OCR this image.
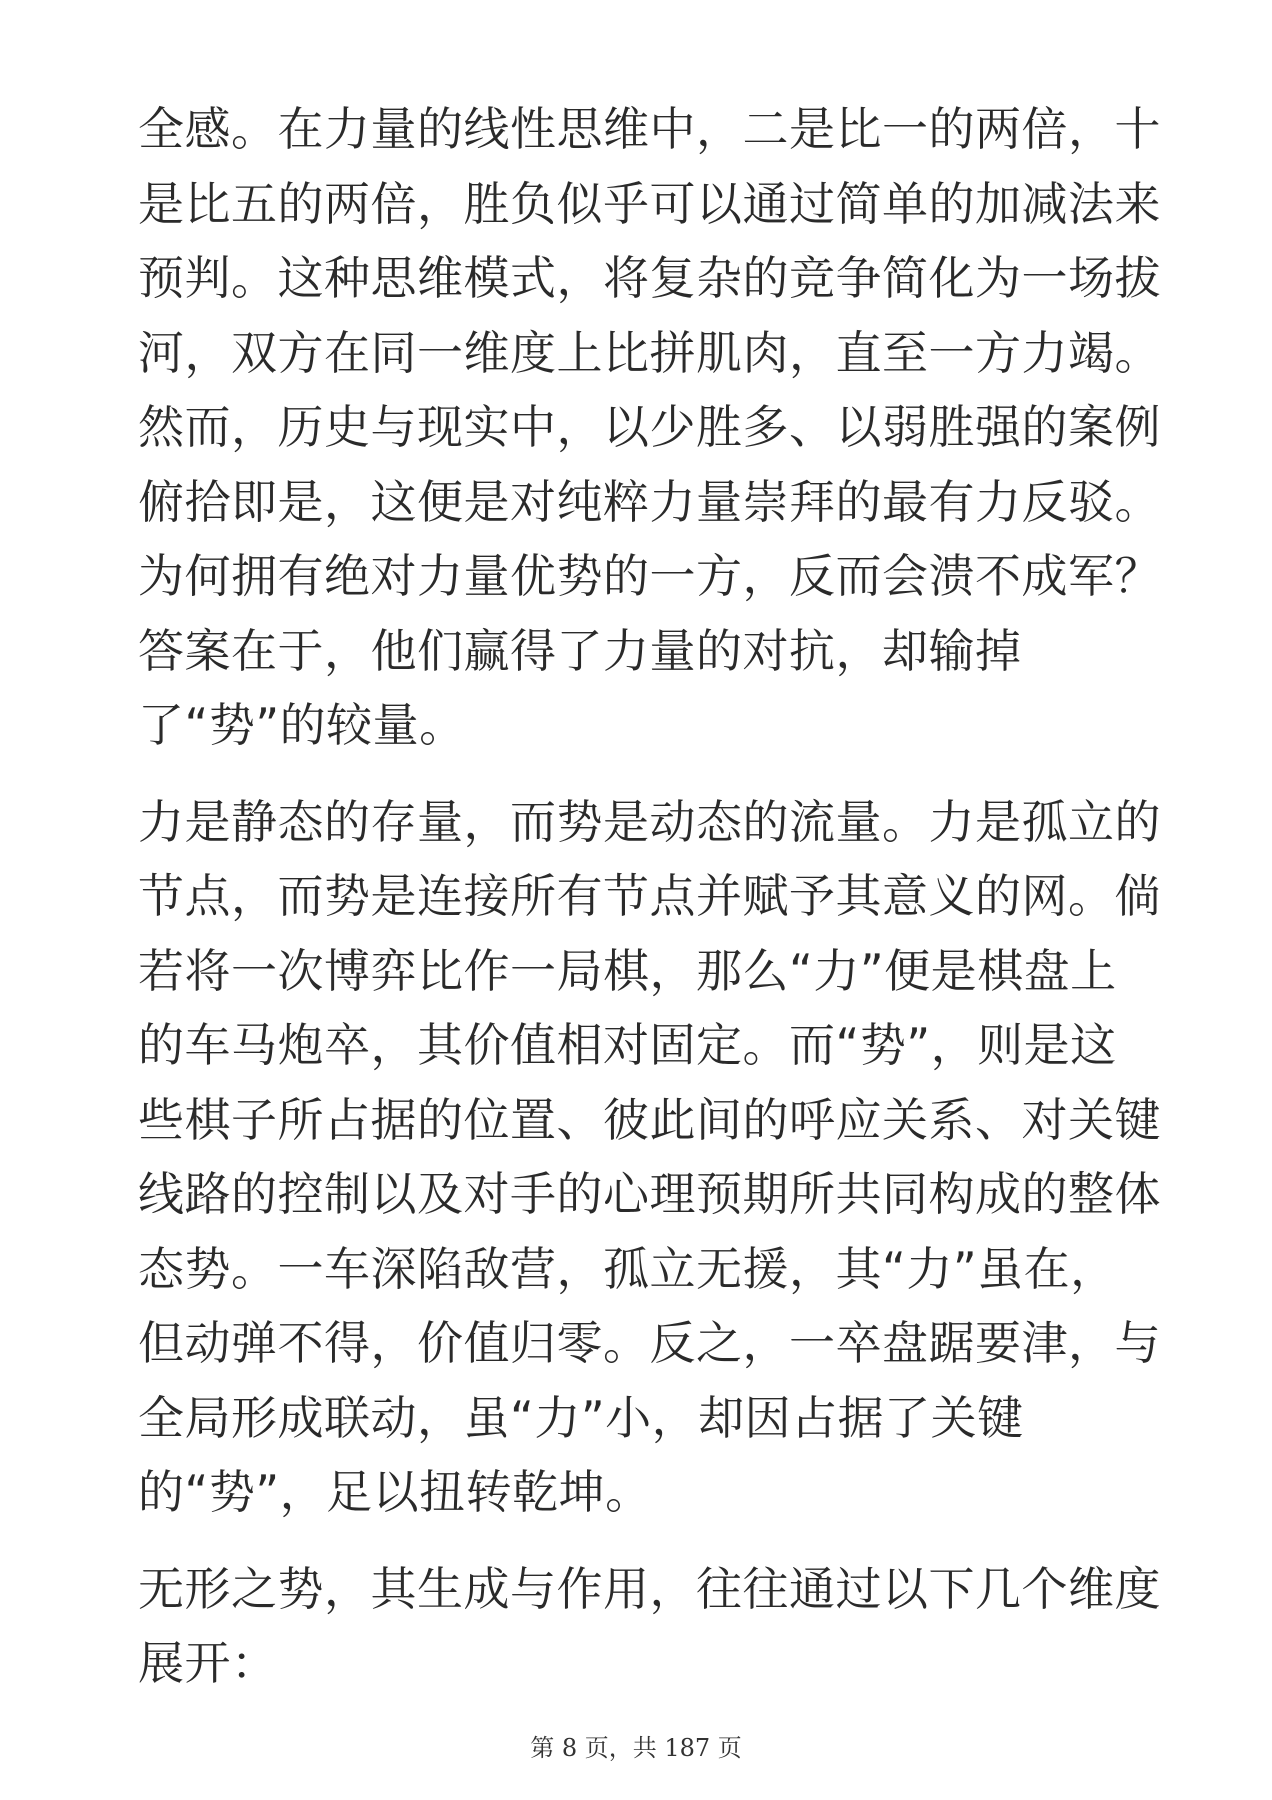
全感。在力量的线性思维中，二是比一的两倍，十
是比五的两倍，胜负似乎可以通过简单的加减法来
预判。这种思维模式，将复杂的竞争简化为一场拔
河，双方在同一维度上比拼肌肉，直至一方力竭。
然而，历史与现实中，以少胜多、以弱胜强的案例
俯拾即是，这便是对纯粹力量崇拜的最有力反驳。
为何拥有绝对力量优势的一方，反而会溃不成军？
答案在于，他们赢得了力量的对抗，却输掉
了“势”的较量。
力是静态的存量，而势是动态的流量。力是孤立的
节点，而势是连接所有节点并赋予其意义的网。倘
若将一次博弈比作一局棋，那么“力”便是棋盘上
的车马炮卒，其价值相对固定。而“势”，则是这
些棋子所占据的位置、彼此间的呼应关系、对关键
线路的控制以及对手的心理预期所共同构成的整体
态势。一车深陷敌营，孤立无援，其“力”虽在，
但动弹不得，价值归零。反之，一卒盘踞要津，与
全局形成联动，虽“力”小，却因占据了关键
的“势”，足以扭转乾坤。
无形之势，其生成与作用，往往通过以下几个维度
展开：
第 8 页，共 187 页
